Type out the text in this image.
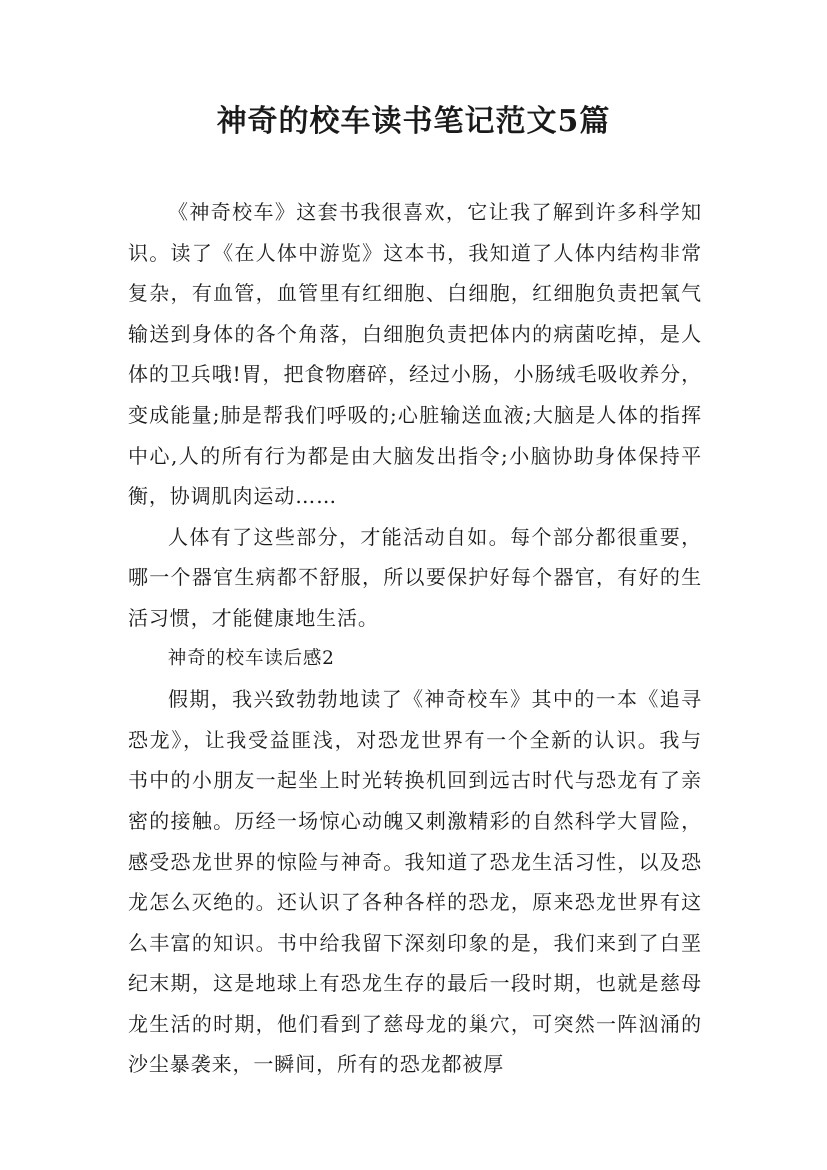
神奇的校车读书笔记范文5篇

《神奇校车》这套书我很喜欢，它让我了解到许多科学知识。读了《在人体中游览》这本书，我知道了人体内结构非常复杂，有血管，血管里有红细胞、白细胞，红细胞负责把氧气输送到身体的各个角落，白细胞负责把体内的病菌吃掉，是人体的卫兵哦!胃，把食物磨碎，经过小肠，小肠绒毛吸收养分，变成能量;肺是帮我们呼吸的;心脏输送血液;大脑是人体的指挥中心,人的所有行为都是由大脑发出指令;小脑协助身体保持平衡，协调肌肉运动……

人体有了这些部分，才能活动自如。每个部分都很重要，哪一个器官生病都不舒服，所以要保护好每个器官，有好的生活习惯，才能健康地生活。

神奇的校车读后感2

假期，我兴致勃勃地读了《神奇校车》其中的一本《追寻恐龙》，让我受益匪浅，对恐龙世界有一个全新的认识。我与书中的小朋友一起坐上时光转换机回到远古时代与恐龙有了亲密的接触。历经一场惊心动魄又刺激精彩的自然科学大冒险，感受恐龙世界的惊险与神奇。我知道了恐龙生活习性，以及恐龙怎么灭绝的。还认识了各种各样的恐龙，原来恐龙世界有这么丰富的知识。书中给我留下深刻印象的是，我们来到了白垩纪末期，这是地球上有恐龙生存的最后一段时期，也就是慈母龙生活的时期，他们看到了慈母龙的巢穴，可突然一阵汹涌的沙尘暴袭来，一瞬间，所有的恐龙都被厚
